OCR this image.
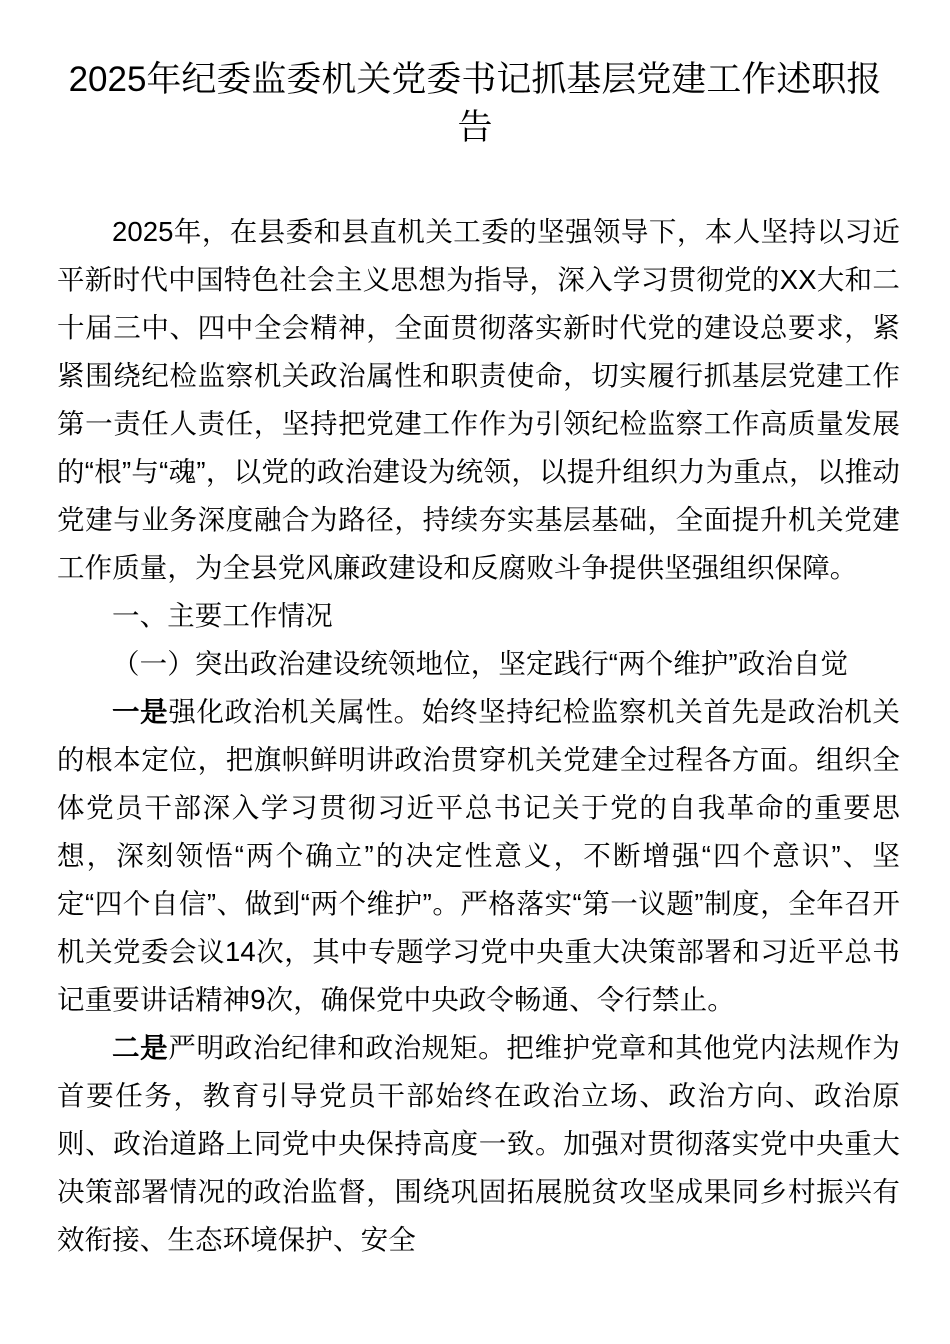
2025年纪委监委机关党委书记抓基层党建工作述职报告

2025年，在县委和县直机关工委的坚强领导下，本人坚持以习近平新时代中国特色社会主义思想为指导，深入学习贯彻党的XX大和二十届三中、四中全会精神，全面贯彻落实新时代党的建设总要求，紧紧围绕纪检监察机关政治属性和职责使命，切实履行抓基层党建工作第一责任人责任，坚持把党建工作作为引领纪检监察工作高质量发展的“根”与“魂”，以党的政治建设为统领，以提升组织力为重点，以推动党建与业务深度融合为路径，持续夯实基层基础，全面提升机关党建工作质量，为全县党风廉政建设和反腐败斗争提供坚强组织保障。

一、主要工作情况

（一）突出政治建设统领地位，坚定践行“两个维护”政治自觉

一是强化政治机关属性。始终坚持纪检监察机关首先是政治机关的根本定位，把旗帜鲜明讲政治贯穿机关党建全过程各方面。组织全体党员干部深入学习贯彻习近平总书记关于党的自我革命的重要思想，深刻领悟“两个确立”的决定性意义，不断增强“四个意识”、坚定“四个自信”、做到“两个维护”。严格落实“第一议题”制度，全年召开机关党委会议14次，其中专题学习党中央重大决策部署和习近平总书记重要讲话精神9次，确保党中央政令畅通、令行禁止。

二是严明政治纪律和政治规矩。把维护党章和其他党内法规作为首要任务，教育引导党员干部始终在政治立场、政治方向、政治原则、政治道路上同党中央保持高度一致。加强对贯彻落实党中央重大决策部署情况的政治监督，围绕巩固拓展脱贫攻坚成果同乡村振兴有效衔接、生态环境保护、安全
